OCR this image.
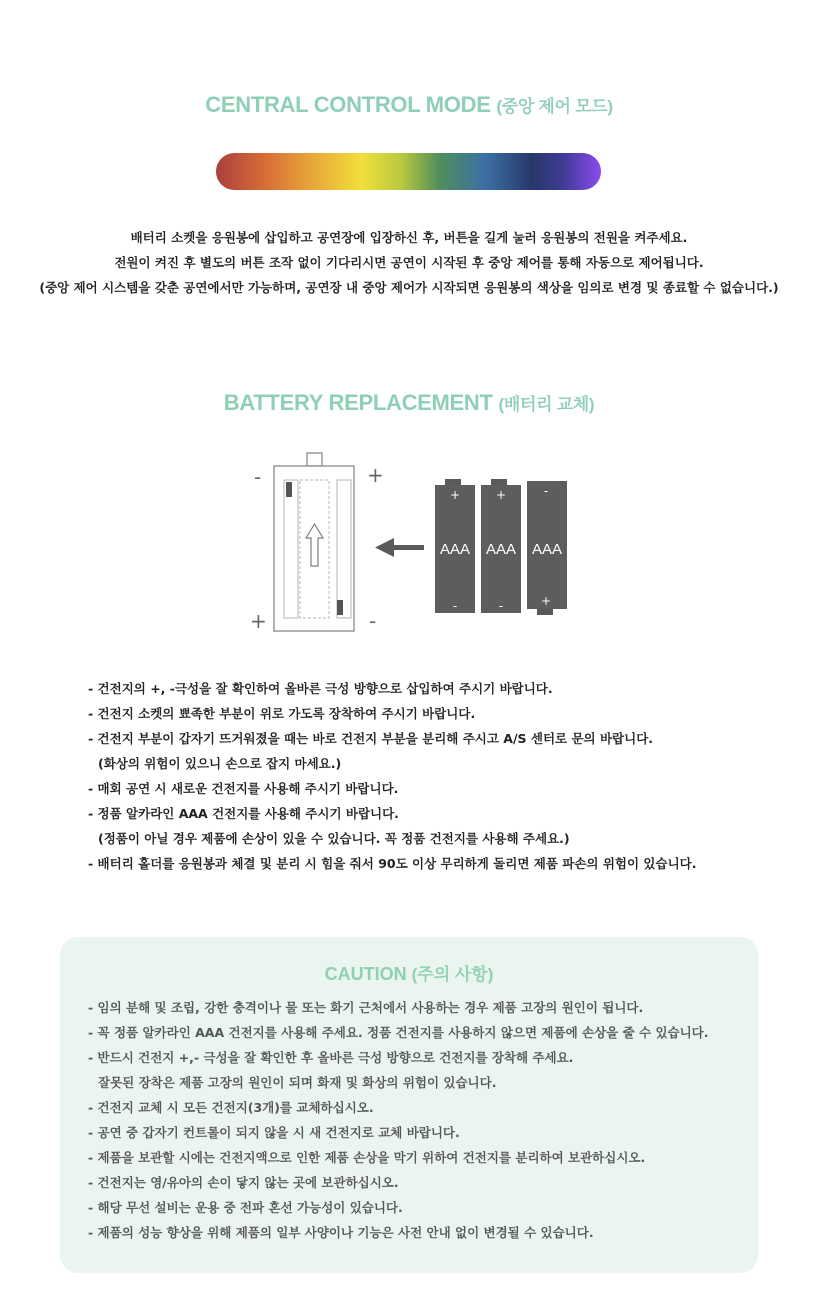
CENTRAL CONTROL MODE (중앙 제어 모드)
배터리 소켓을 응원봉에 삽입하고 공연장에 입장하신 후, 버튼을 길게 눌러 응원봉의 전원을 켜주세요.
전원이 켜진 후 별도의 버튼 조작 없이 기다리시면 공연이 시작된 후 중앙 제어를 통해 자동으로 제어됩니다.
(중앙 제어 시스템을 갖춘 공연에서만 가능하며, 공연장 내 중앙 제어가 시작되면 응원봉의 색상을 임의로 변경 및 종료할 수 없습니다.)
BATTERY REPLACEMENT (배터리 교체)
-	+
+	-
+
AAA
-
+
AAA
-
-
AAA
+
- 건전지의 +, -극성을 잘 확인하여 올바른 극성 방향으로 삽입하여 주시기 바랍니다.
- 건전지 소켓의 뾰족한 부분이 위로 가도록 장착하여 주시기 바랍니다.
- 건전지 부분이 갑자기 뜨거워졌을 때는 바로 건전지 부분을 분리해 주시고 A/S 센터로 문의 바랍니다.
(화상의 위험이 있으니 손으로 잡지 마세요.)
- 매회 공연 시 새로운 건전지를 사용해 주시기 바랍니다.
- 정품 알카라인 AAA 건전지를 사용해 주시기 바랍니다.
(정품이 아닐 경우 제품에 손상이 있을 수 있습니다. 꼭 정품 건전지를 사용해 주세요.)
- 배터리 홀더를 응원봉과 체결 및 분리 시 힘을 줘서 90도 이상 무리하게 돌리면 제품 파손의 위험이 있습니다.
CAUTION (주의 사항)
- 임의 분해 및 조립, 강한 충격이나 물 또는 화기 근처에서 사용하는 경우 제품 고장의 원인이 됩니다.
- 꼭 정품 알카라인 AAA 건전지를 사용해 주세요. 정품 건전지를 사용하지 않으면 제품에 손상을 줄 수 있습니다.
- 반드시 건전지 +,- 극성을 잘 확인한 후 올바른 극성 방향으로 건전지를 장착해 주세요.
잘못된 장착은 제품 고장의 원인이 되며 화재 및 화상의 위험이 있습니다.
- 건전지 교체 시 모든 건전지(3개)를 교체하십시오.
- 공연 중 갑자기 컨트롤이 되지 않을 시 새 건전지로 교체 바랍니다.
- 제품을 보관할 시에는 건전지액으로 인한 제품 손상을 막기 위하여 건전지를 분리하여 보관하십시오.
- 건전지는 영/유아의 손이 닿지 않는 곳에 보관하십시오.
- 해당 무선 설비는 운용 중 전파 혼선 가능성이 있습니다.
- 제품의 성능 향상을 위해 제품의 일부 사양이나 기능은 사전 안내 없이 변경될 수 있습니다.
